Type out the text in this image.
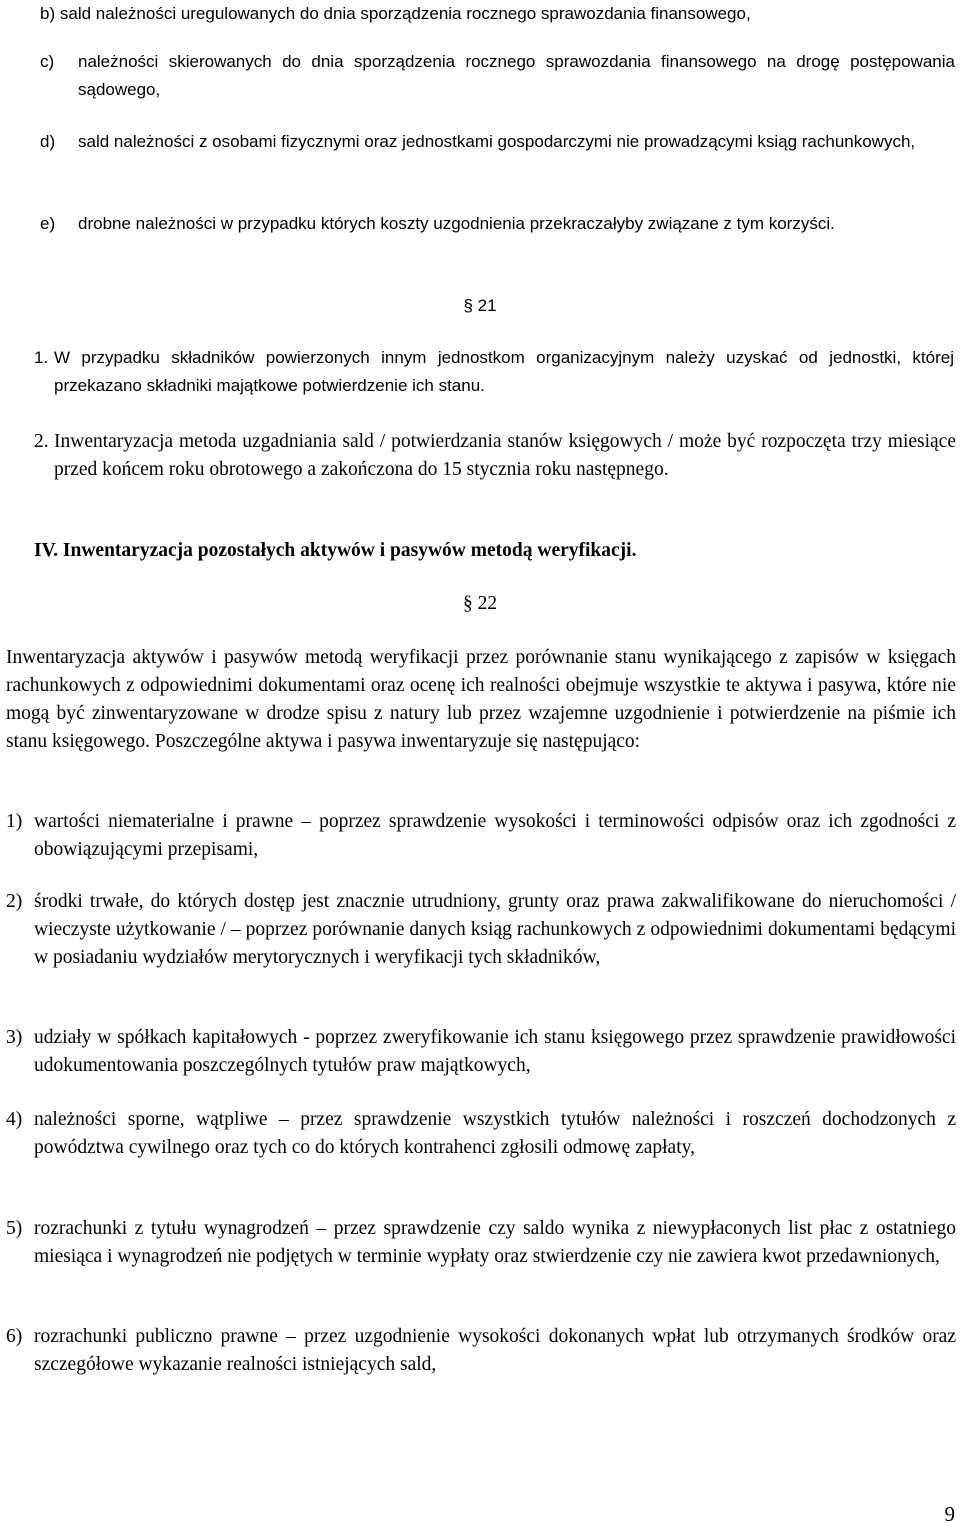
b) sald należności uregulowanych do dnia sporządzenia rocznego sprawozdania finansowego,
c)	należności skierowanych do dnia sporządzenia rocznego sprawozdania finansowego na drogę postępowania sądowego,
d)	sald należności z osobami fizycznymi oraz jednostkami gospodarczymi nie prowadzącymi ksiąg rachunkowych,
e)	drobne należności w przypadku których koszty uzgodnienia przekraczałyby związane z tym korzyści.
§ 21
1. W przypadku składników powierzonych innym jednostkom organizacyjnym należy uzyskać od jednostki, której przekazano składniki majątkowe potwierdzenie ich stanu.
2. Inwentaryzacja metoda uzgadniania sald / potwierdzania stanów księgowych / może być rozpoczęta trzy miesiące przed końcem roku obrotowego a zakończona do 15 stycznia roku następnego.
IV. Inwentaryzacja pozostałych aktywów i pasywów metodą weryfikacji.
§ 22
Inwentaryzacja aktywów i pasywów metodą weryfikacji przez porównanie stanu wynikającego z zapisów w księgach rachunkowych z odpowiednimi dokumentami oraz ocenę ich realności obejmuje wszystkie te aktywa i pasywa, które nie mogą być zinwentaryzowane w drodze spisu z natury lub przez wzajemne uzgodnienie i potwierdzenie na piśmie ich stanu księgowego. Poszczególne aktywa i pasywa inwentaryzuje się następująco:
1) wartości niematerialne i prawne – poprzez sprawdzenie wysokości i terminowości odpisów oraz ich zgodności z obowiązującymi przepisami,
2) środki trwałe, do których dostęp jest znacznie utrudniony, grunty oraz prawa zakwalifikowane do nieruchomości / wieczyste użytkowanie / – poprzez porównanie danych ksiąg rachunkowych z odpowiednimi dokumentami będącymi w posiadaniu wydziałów merytorycznych i weryfikacji tych składników,
3) udziały w spółkach kapitałowych - poprzez zweryfikowanie ich stanu księgowego przez sprawdzenie prawidłowości udokumentowania poszczególnych tytułów praw majątkowych,
4) należności sporne, wątpliwe – przez sprawdzenie wszystkich tytułów należności i roszczeń dochodzonych z powództwa cywilnego oraz tych co do których kontrahenci zgłosili odmowę zapłaty,
5) rozrachunki z tytułu wynagrodzeń – przez sprawdzenie czy saldo wynika z niewypłaconych list płac z ostatniego miesiąca i wynagrodzeń nie podjętych w terminie wypłaty oraz stwierdzenie czy nie zawiera kwot przedawnionych,
6) rozrachunki publiczno prawne – przez uzgodnienie wysokości dokonanych wpłat lub otrzymanych środków oraz szczegółowe wykazanie realności istniejących sald,
9
